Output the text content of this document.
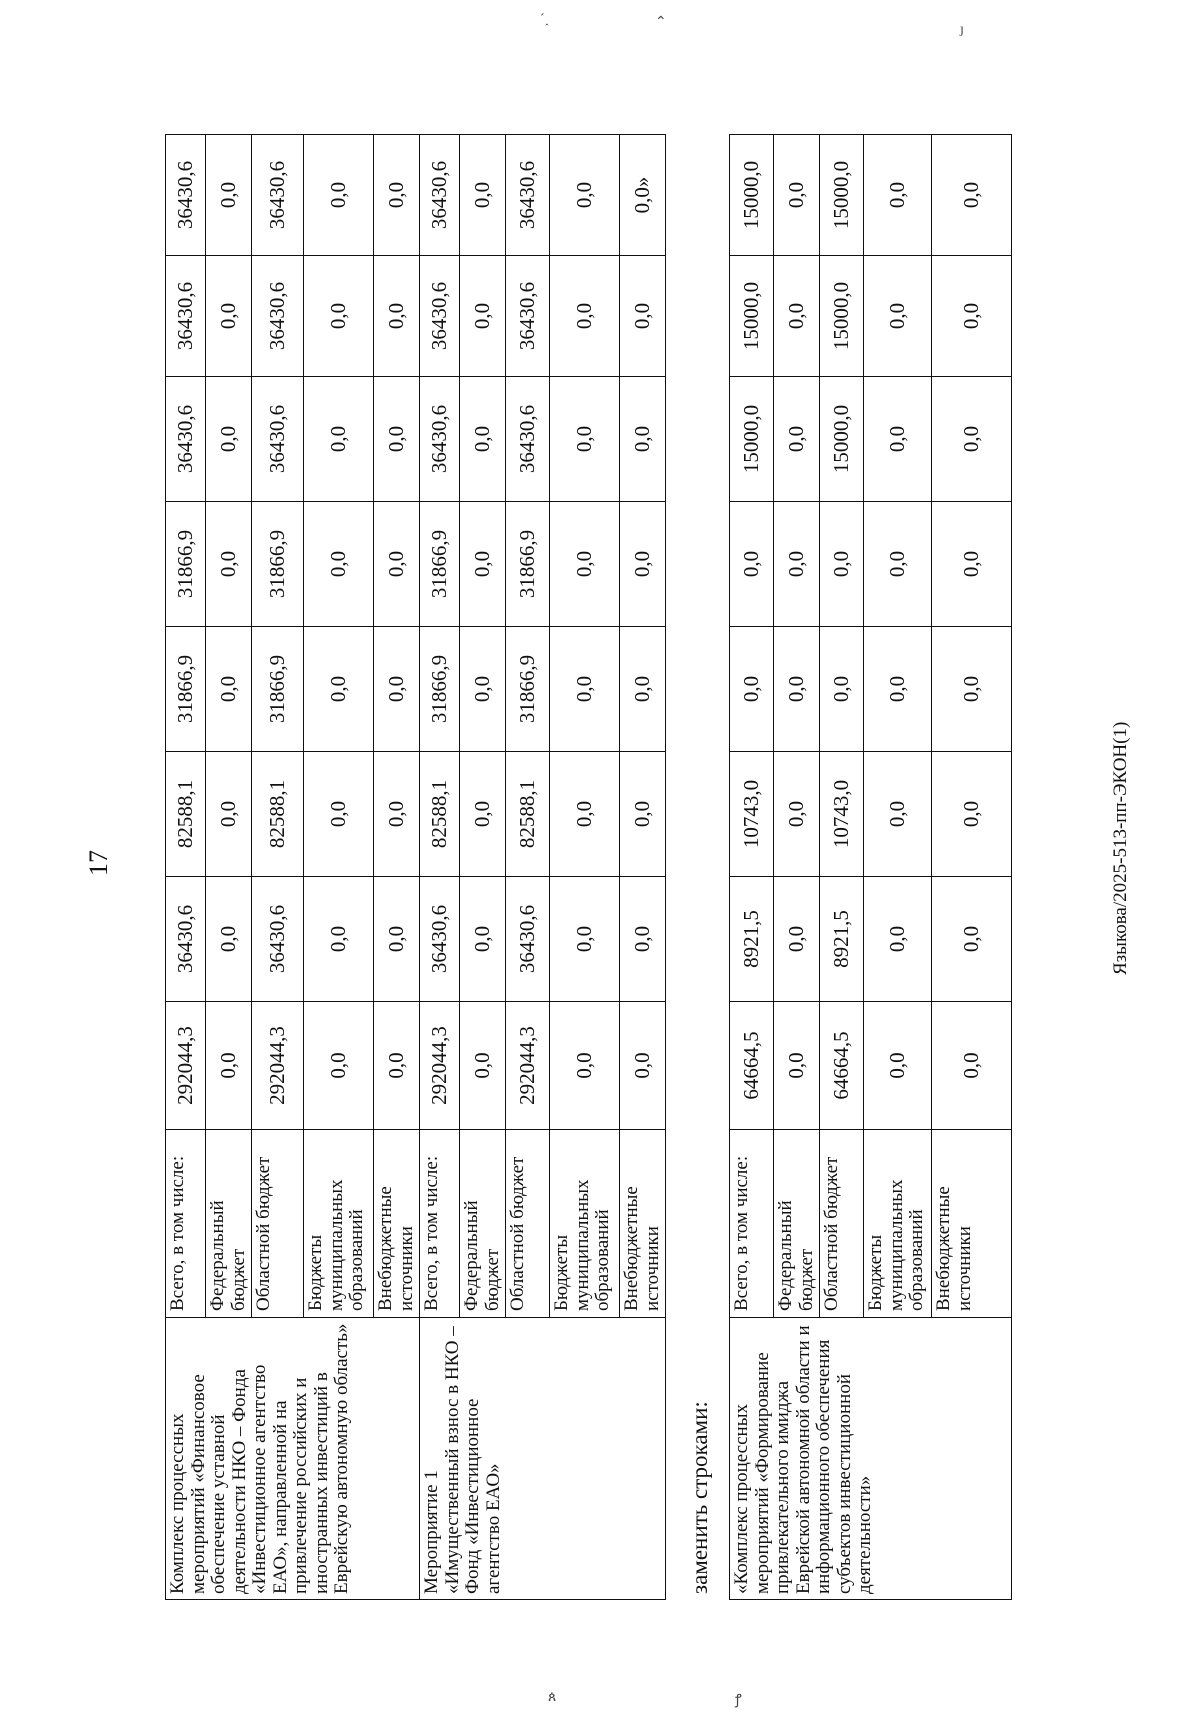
17
Комплекс процессных мероприятий «Финансовое обеспечение уставной деятельности НКО – Фонда «Инвестиционное агентство ЕАО», направленной на привлечение российских и иностранных инвестиций в Еврейскую автономную область»	Всего, в том числе:	292044,3	36430,6	82588,1	31866,9	31866,9	36430,6	36430,6	36430,6
	Федеральный бюджет	0,0	0,0	0,0	0,0	0,0	0,0	0,0	0,0
	Областной бюджет	292044,3	36430,6	82588,1	31866,9	31866,9	36430,6	36430,6	36430,6
	Бюджеты муниципальных образований	0,0	0,0	0,0	0,0	0,0	0,0	0,0	0,0
	Внебюджетные источники	0,0	0,0	0,0	0,0	0,0	0,0	0,0	0,0
Мероприятие 1 «Имущественный взнос в НКО – Фонд «Инвестиционное агентство ЕАО»	Всего, в том числе:	292044,3	36430,6	82588,1	31866,9	31866,9	36430,6	36430,6	36430,6
	Федеральный бюджет	0,0	0,0	0,0	0,0	0,0	0,0	0,0	0,0
	Областной бюджет	292044,3	36430,6	82588,1	31866,9	31866,9	36430,6	36430,6	36430,6
	Бюджеты муниципальных образований	0,0	0,0	0,0	0,0	0,0	0,0	0,0	0,0
	Внебюджетные источники	0,0	0,0	0,0	0,0	0,0	0,0	0,0	0,0»
заменить строками: «Комплекс процессных мероприятий «Формирование привлекательного имиджа Еврейской автономной области и информационного обеспечения субъектов инвестиционной деятельности»	Всего, в том числе:	64664,5	8921,5	10743,0	0,0	0,0	15000,0	15000,0	15000,0
	Федеральный бюджет	0,0	0,0	0,0	0,0	0,0	0,0	0,0	0,0
	Областной бюджет	64664,5	8921,5	10743,0	0,0	0,0	15000,0	15000,0	15000,0
	Бюджеты муниципальных образований	0,0	0,0	0,0	0,0	0,0	0,0	0,0	0,0
	Внебюджетные источники	0,0	0,0	0,0	0,0	0,0	0,0	0,0	0,0
Языкова/2025-513-пп-ЭКОН(1)
ˊ˰	⌃	ȷ
ጰ	ꝭ
